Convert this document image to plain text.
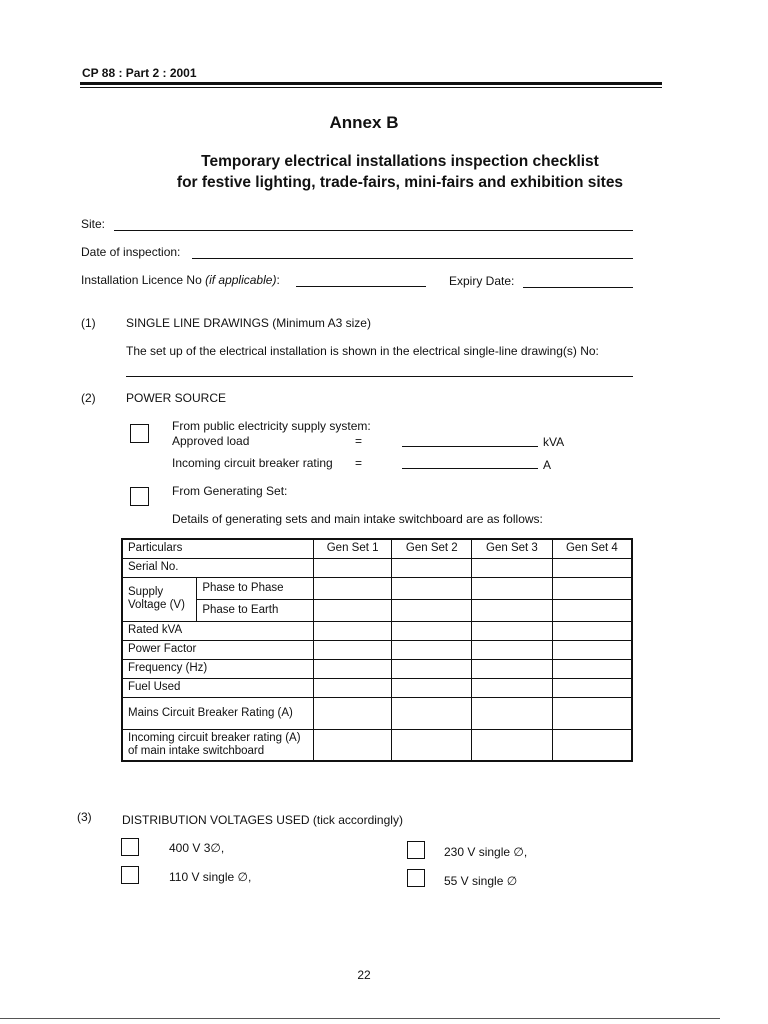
CP 88 : Part 2 : 2001
Annex B
Temporary electrical installations inspection checklist
for festive lighting, trade-fairs, mini-fairs and exhibition sites
Site:
Date of inspection:
Installation Licence No (if applicable):	Expiry Date:
(1)	SINGLE LINE DRAWINGS (Minimum A3 size)
The set up of the electrical installation is shown in the electrical single-line drawing(s) No:
(2)	POWER SOURCE
From public electricity supply system:
Approved load	=	kVA
Incoming circuit breaker rating =	A
From Generating Set:
Details of generating sets and main intake switchboard are as follows:
Particulars		Gen Set 1	Gen Set 2	Gen Set 3	Gen Set 4
Serial No.					
Supply Voltage (V)	Phase to Phase				
	Phase to Earth				
Rated kVA					
Power Factor					
Frequency (Hz)					
Fuel Used					
Mains Circuit Breaker Rating (A)					
Incoming circuit breaker rating (A) of main intake switchboard					
(3)	DISTRIBUTION VOLTAGES USED (tick accordingly)
400 V 3∅,
110 V single ∅,
230 V single ∅,
55 V single ∅
22
